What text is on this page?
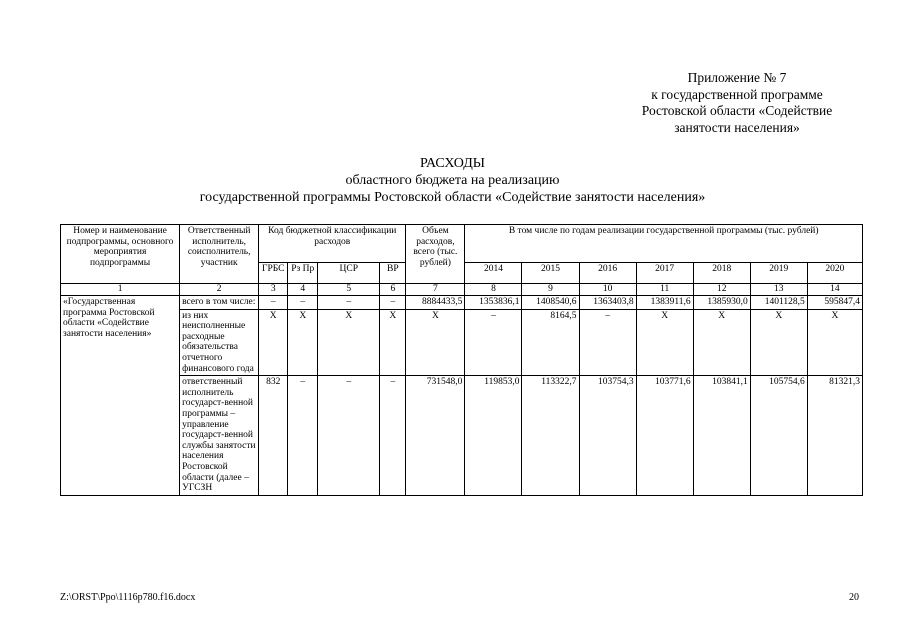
Приложение № 7
к государственной программе
Ростовской области «Содействие
занятости населения»
РАСХОДЫ
областного бюджета на реализацию
государственной программы Ростовской области «Содействие занятости населения»
Номер и наименование подпрограммы, основного мероприятия подпрограммы	Ответственный исполнитель, соисполнитель, участник	Код бюджетной классификации расходов				Объем расходов, всего (тыс. рублей)	В том числе по годам реализации государственной программы (тыс. рублей)						
		ГРБС	Рз Пр	ЦСР	ВР		2014	2015	2016	2017	2018	2019	2020
1	2	3	4	5	6	7	8	9	10	11	12	13	14
«Государственная программа Ростовской области «Содействие занятости населения»	всего в том числе:	–	–	–	–	8884433,5	1353836,1	1408540,6	1363403,8	1383911,6	1385930,0	1401128,5	595847,4
	из них неисполненные расходные обязательства отчетного финансового года	X	X	X	X	X	–	8164,5	–	X	X	X	X
	ответственный исполнитель государст-венной программы – управление государст-венной службы занятости населения Ростовской области (далее – УГСЗН	832	–	–	–	731548,0	119853,0	113322,7	103754,3	103771,6	103841,1	105754,6	81321,3
Z:\ORST\Ppo\1116p780.f16.docx	20
